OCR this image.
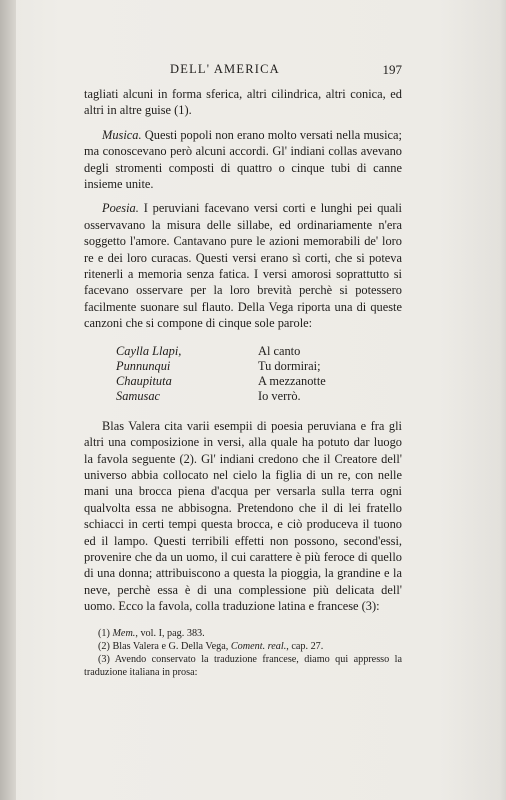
DELL' AMERICA	197

tagliati alcuni in forma sferica, altri cilindrica, altri conica, ed altri in altre guise (1).

Musica. Questi popoli non erano molto versati nella musica; ma conoscevano però alcuni accordi. Gl' indiani collas avevano degli stromenti composti di quattro o cinque tubi di canne insieme unite.

Poesia. I peruviani facevano versi corti e lunghi pei quali osservavano la misura delle sillabe, ed ordinariamente n'era soggetto l'amore. Cantavano pure le azioni memorabili de' loro re e dei loro curacas. Questi versi erano sì corti, che si poteva ritenerli a memoria senza fatica. I versi amorosi soprattutto si facevano osservare per la loro brevità perchè si potessero facilmente suonare sul flauto. Della Vega riporta una di queste canzoni che si compone di cinque sole parole:

Caylla Llapi,	Al canto
Punnunqui	Tu dormirai;
Chaupituta	A mezzanotte
Samusac	Io verrò.

Blas Valera cita varii esempii di poesia peruviana e fra gli altri una composizione in versi, alla quale ha potuto dar luogo la favola seguente (2). Gl' indiani credono che il Creatore dell' universo abbia collocato nel cielo la figlia di un re, con nelle mani una brocca piena d'acqua per versarla sulla terra ogni qualvolta essa ne abbisogna. Pretendono che il di lei fratello schiacci in certi tempi questa brocca, e ciò produceva il tuono ed il lampo. Questi terribili effetti non possono, second'essi, provenire che da un uomo, il cui carattere è più feroce di quello di una donna; attribuiscono a questa la pioggia, la grandine e la neve, perchè essa è di una complessione più delicata dell' uomo. Ecco la favola, colla traduzione latina e francese (3):

(1) Mem., vol. I, pag. 383.

(2) Blas Valera e G. Della Vega, Coment. real., cap. 27.

(3) Avendo conservato la traduzione francese, diamo qui appresso la traduzione italiana in prosa:
